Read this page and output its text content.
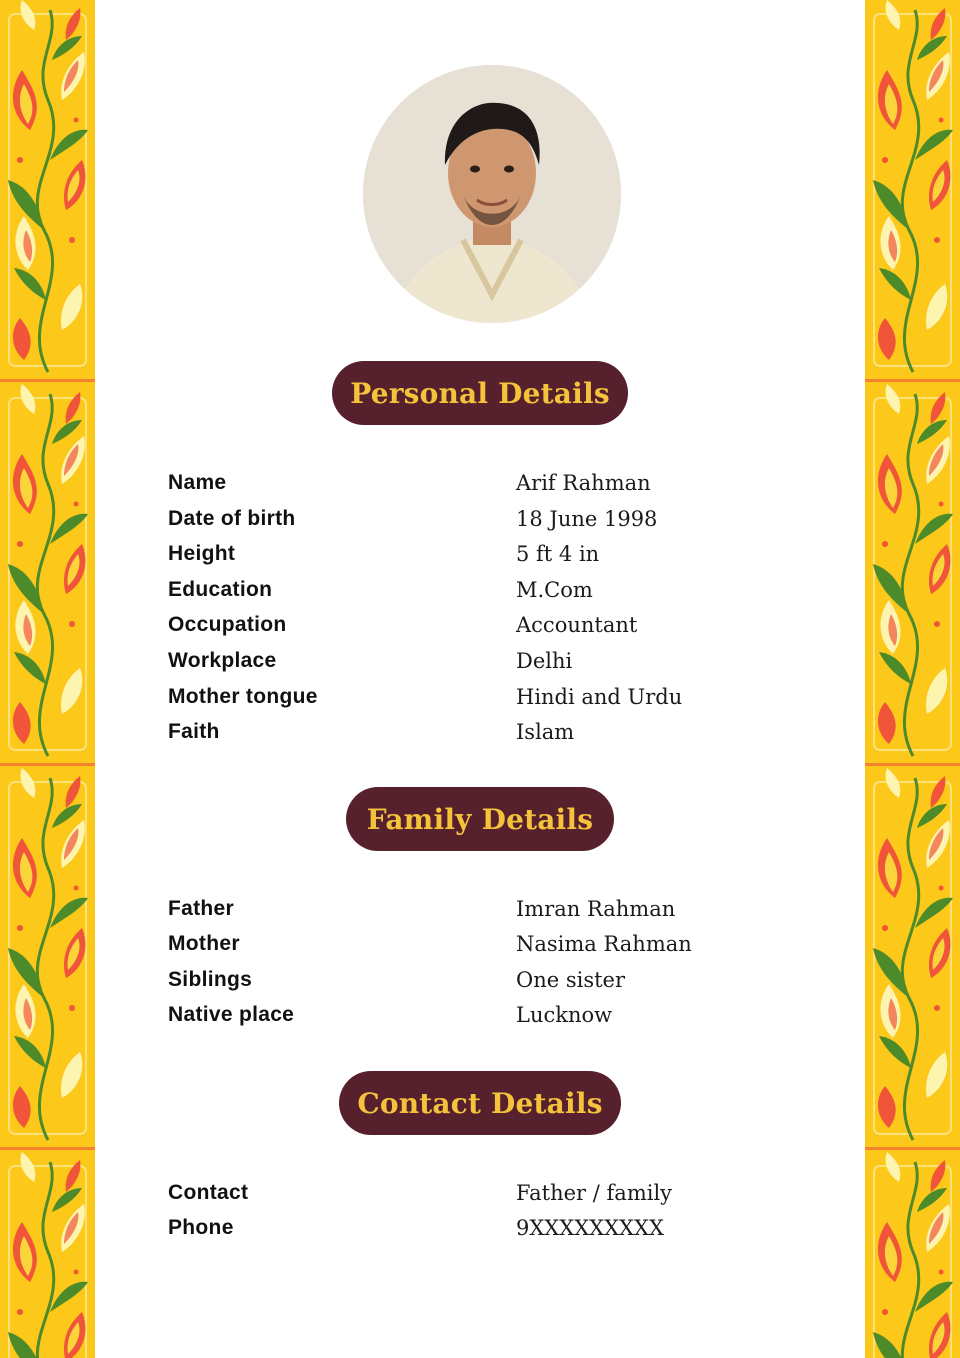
Personal Details
Name	Arif Rahman
Date of birth	18 June 1998
Height	5 ft 4 in
Education	M.Com
Occupation	Accountant
Workplace	Delhi
Mother tongue	Hindi and Urdu
Faith	Islam
Family Details
Father	Imran Rahman
Mother	Nasima Rahman
Siblings	One sister
Native place	Lucknow
Contact Details
Contact	Father / family
Phone	9XXXXXXXXX
